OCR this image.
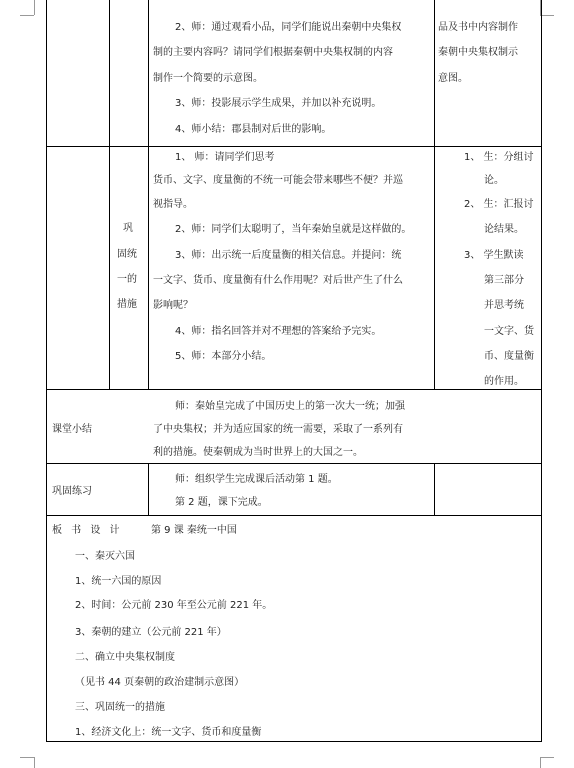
2、师：通过观看小品，同学们能说出秦朝中央集权
制的主要内容吗？请同学们根据秦朝中央集权制的内容
制作一个简要的示意图。
3、师：投影展示学生成果，并加以补充说明。
4、师小结：郡县制对后世的影响。
品及书中内容制作
秦朝中央集权制示
意图。
巩
固统
一的
措施
1、 师：请同学们思考
货币、文字、度量衡的不统一可能会带来哪些不便？并巡
视指导。
2、师：同学们太聪明了，当年秦始皇就是这样做的。
3、师：出示统一后度量衡的相关信息。并提问：统
一文字、货币、度量衡有什么作用呢？对后世产生了什么
影响呢？
4、师：指名回答并对不理想的答案给予完实。
5、师：本部分小结。
1、 生：分组讨
论。
2、 生：汇报讨
论结果。
3、 学生默读
第三部分
并思考统
一文字、货
币、度量衡
的作用。
课堂小结
师：秦始皇完成了中国历史上的第一次大一统；加强
了中央集权；并为适应国家的统一需要，采取了一系列有
利的措施。使秦朝成为当时世界上的大国之一。
巩固练习
师：组织学生完成课后活动第 1 题。
第 2 题，课下完成。
板 书 设 计	第 9 课 秦统一中国
一、秦灭六国
1、统一六国的原因
2、时间：公元前 230 年至公元前 221 年。
3、秦朝的建立（公元前 221 年）
二、确立中央集权制度
（见书 44 页秦朝的政治建制示意图）
三、巩固统一的措施
1、经济文化上：统一文字、货币和度量衡
